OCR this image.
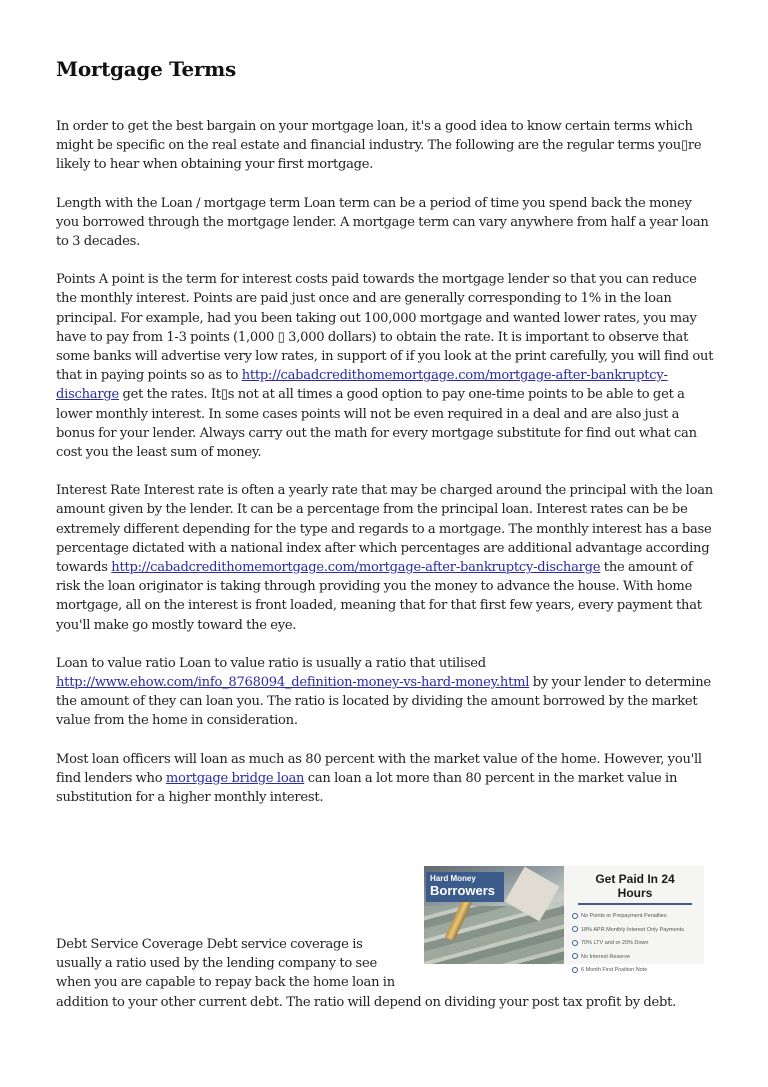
Mortgage Terms

In order to get the best bargain on your mortgage loan, it's a good idea to know certain terms which might be specific on the real estate and financial industry. The following are the regular terms you▯re likely to hear when obtaining your first mortgage.

Length with the Loan / mortgage term Loan term can be a period of time you spend back the money you borrowed through the mortgage lender. A mortgage term can vary anywhere from half a year loan to 3 decades.

Points A point is the term for interest costs paid towards the mortgage lender so that you can reduce the monthly interest. Points are paid just once and are generally corresponding to 1% in the loan principal. For example, had you been taking out 100,000 mortgage and wanted lower rates, you may have to pay from 1-3 points (1,000 ▯ 3,000 dollars) to obtain the rate. It is important to observe that some banks will advertise very low rates, in support of if you look at the print carefully, you will find out that in paying points so as to http://cabadcredithomemortgage.com/mortgage-after-bankruptcy-discharge get the rates. It▯s not at all times a good option to pay one-time points to be able to get a lower monthly interest. In some cases points will not be even required in a deal and are also just a bonus for your lender. Always carry out the math for every mortgage substitute for find out what can cost you the least sum of money.

Interest Rate Interest rate is often a yearly rate that may be charged around the principal with the loan amount given by the lender. It can be a percentage from the principal loan. Interest rates can be be extremely different depending for the type and regards to a mortgage. The monthly interest has a base percentage dictated with a national index after which percentages are additional advantage according towards http://cabadcredithomemortgage.com/mortgage-after-bankruptcy-discharge the amount of risk the loan originator is taking through providing you the money to advance the house. With home mortgage, all on the interest is front loaded, meaning that for that first few years, every payment that you'll make go mostly toward the eye.

Loan to value ratio Loan to value ratio is usually a ratio that utilised http://www.ehow.com/info_8768094_definition-money-vs-hard-money.html by your lender to determine the amount of they can loan you. The ratio is located by dividing the amount borrowed by the market value from the home in consideration.

Most loan officers will loan as much as 80 percent with the market value of the home. However, you'll find lenders who mortgage bridge loan can loan a lot more than 80 percent in the market value in substitution for a higher monthly interest.

Hard Money
Borrowers
Get Paid In 24 Hours
No Points or Prepayment Penalties
18% APR Monthly Interest Only Payments
70% LTV and or 20% Down
No Interest Reserve
6 Month First Position Note
Debt Service Coverage Debt service coverage is
usually a ratio used by the lending company to see
when you are capable to repay back the home loan in
addition to your other current debt. The ratio will depend on dividing your post tax profit by debt.
